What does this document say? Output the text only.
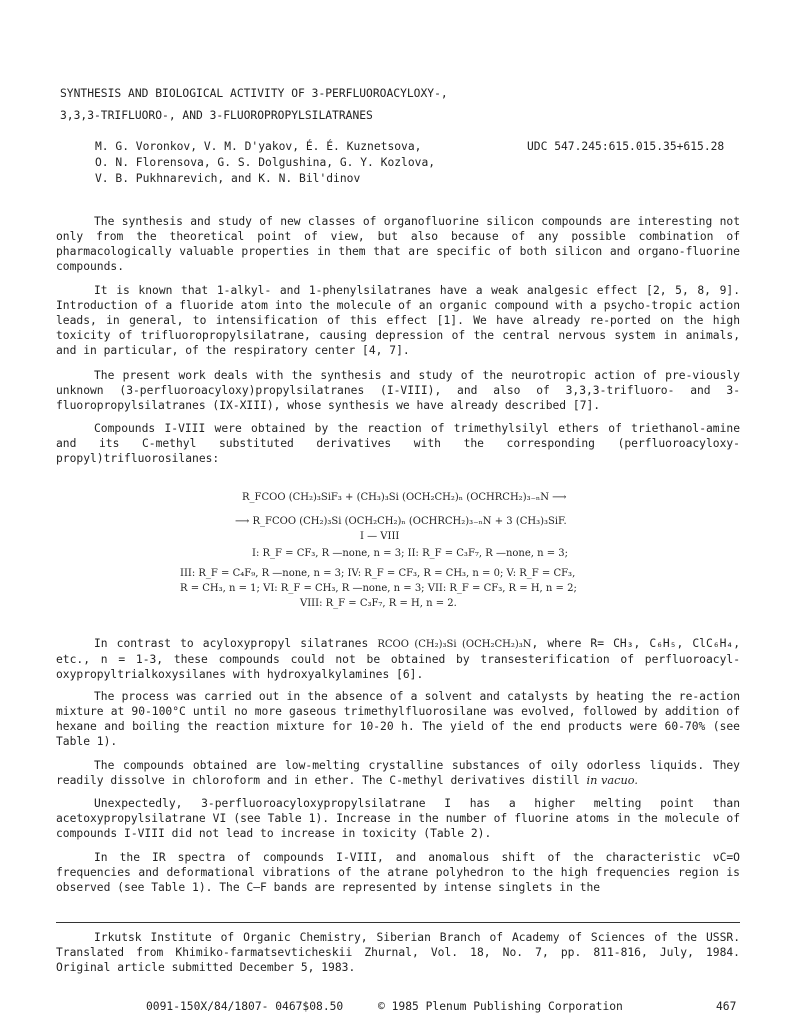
SYNTHESIS AND BIOLOGICAL ACTIVITY OF 3-PERFLUOROACYLOXY-,
3,3,3-TRIFLUORO-, AND 3-FLUOROPROPYLSILATRANES
M. G. Voronkov, V. M. D'yakov, É. É. Kuznetsova,
O. N. Florensova, G. S. Dolgushina, G. Y. Kozlova,
V. B. Pukhnarevich, and K. N. Bil'dinov
UDC 547.245:615.015.35+615.28
The synthesis and study of new classes of organofluorine silicon compounds are interesting not only from the theoretical point of view, but also because of any possible combination of pharmacologically valuable properties in them that are specific of both silicon and organo-fluorine compounds.
It is known that 1-alkyl- and 1-phenylsilatranes have a weak analgesic effect [2, 5, 8, 9]. Introduction of a fluoride atom into the molecule of an organic compound with a psycho-tropic action leads, in general, to intensification of this effect [1]. We have already re-ported on the high toxicity of trifluoropropylsilatrane, causing depression of the central nervous system in animals, and in particular, of the respiratory center [4, 7].
The present work deals with the synthesis and study of the neurotropic action of pre-viously unknown (3-perfluoroacyloxy)propylsilatranes (I-VIII), and also of 3,3,3-trifluoro- and 3-fluoropropylsilatranes (IX-XIII), whose synthesis we have already described [7].
Compounds I-VIII were obtained by the reaction of trimethylsilyl ethers of triethanol-amine and its C-methyl substituted derivatives with the corresponding (perfluoroacyloxy-propyl)trifluorosilanes:
R_FCOO (CH₂)₃SiF₃ + (CH₃)₃Si (OCH₂CH₂)ₙ (OCHRCH₂)₃₋ₙN ⟶
⟶ R_FCOO (CH₂)₃Si (OCH₂CH₂)ₙ (OCHRCH₂)₃₋ₙN + 3 (CH₃)₃SiF.
I — VIII
I: R_F = CF₃, R —none, n = 3; II: R_F = C₃F₇, R —none, n = 3;
III: R_F = C₄F₉, R —none, n = 3; IV: R_F = CF₃, R = CH₃, n = 0; V: R_F = CF₃,
R = CH₃, n = 1; VI: R_F = CH₃, R —none, n = 3; VII: R_F = CF₃, R = H, n = 2;
VIII: R_F = C₃F₇, R = H, n = 2.
In contrast to acyloxypropyl silatranes RCOO (CH₂)₃Si (OCH₂CH₂)₃N, where R= CH₃, C₆H₅, ClC₆H₄, etc., n = 1-3, these compounds could not be obtained by transesterification of perfluoroacyl-oxypropyltrialkoxysilanes with hydroxyalkylamines [6].
The process was carried out in the absence of a solvent and catalysts by heating the re-action mixture at 90-100°C until no more gaseous trimethylfluorosilane was evolved, followed by addition of hexane and boiling the reaction mixture for 10-20 h. The yield of the end products were 60-70% (see Table 1).
The compounds obtained are low-melting crystalline substances of oily odorless liquids. They readily dissolve in chloroform and in ether. The C-methyl derivatives distill in vacuo.
Unexpectedly, 3-perfluoroacyloxypropylsilatrane I has a higher melting point than acetoxypropylsilatrane VI (see Table 1). Increase in the number of fluorine atoms in the molecule of compounds I-VIII did not lead to increase in toxicity (Table 2).
In the IR spectra of compounds I-VIII, and anomalous shift of the characteristic νC=O frequencies and deformational vibrations of the atrane polyhedron to the high frequencies region is observed (see Table 1). The C—F bands are represented by intense singlets in the
Irkutsk Institute of Organic Chemistry, Siberian Branch of Academy of Sciences of the USSR. Translated from Khimiko-farmatsevticheskii Zhurnal, Vol. 18, No. 7, pp. 811-816, July, 1984. Original article submitted December 5, 1983.
0091-150X/84/1807- 0467$08.50	© 1985 Plenum Publishing Corporation	467
